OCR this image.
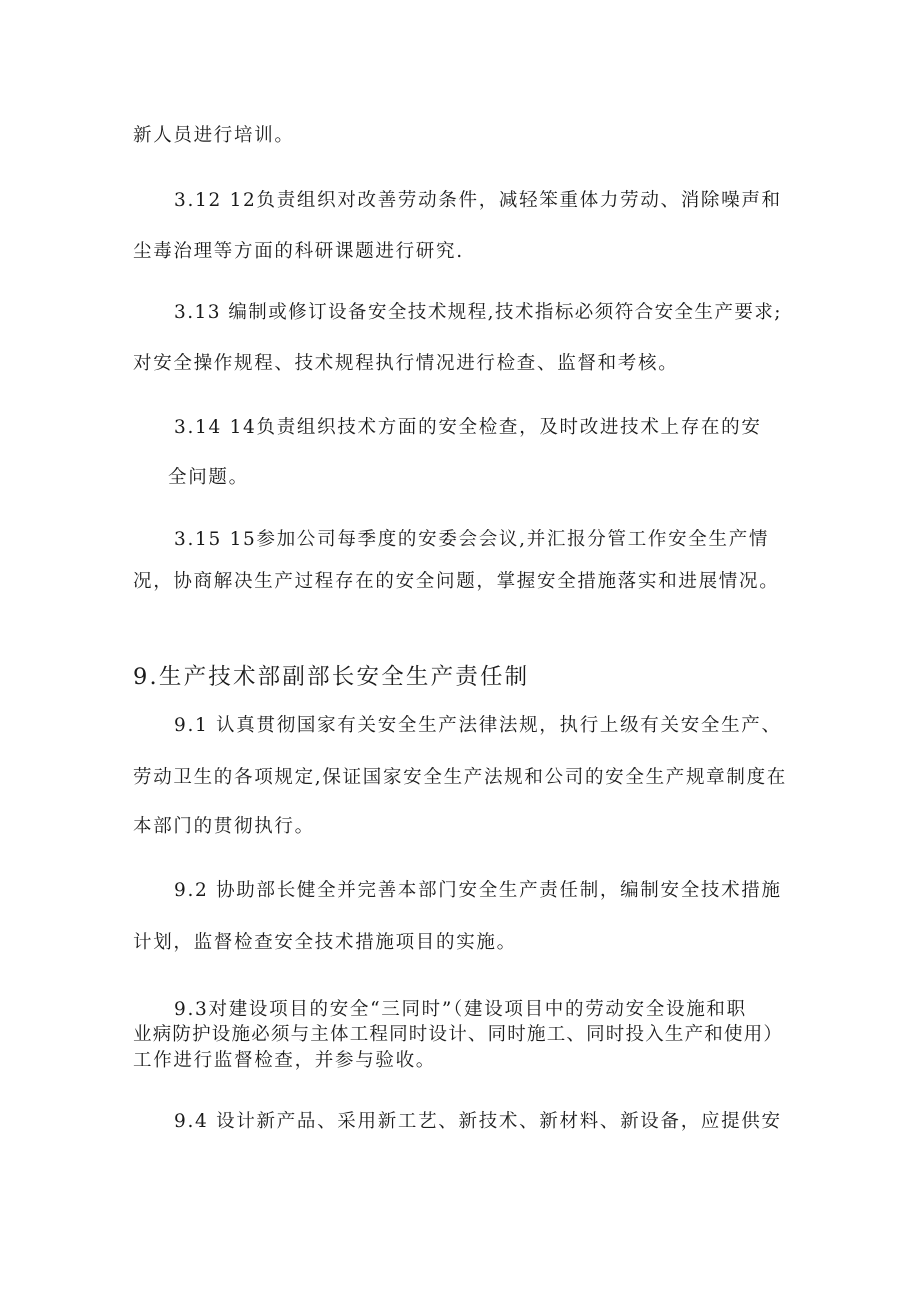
新人员进行培训。
3.12 12负责组织对改善劳动条件，减轻笨重体力劳动、消除噪声和
尘毒治理等方面的科研课题进行研究.
3.13 编制或修订设备安全技术规程,技术指标必须符合安全生产要求;
对安全操作规程、技术规程执行情况进行检查、监督和考核。
3.14 14负责组织技术方面的安全检查，及时改进技术上存在的安
全问题。
3.15 15参加公司每季度的安委会会议,并汇报分管工作安全生产情
况，协商解决生产过程存在的安全问题，掌握安全措施落实和进展情况。
9.生产技术部副部长安全生产责任制
9.1 认真贯彻国家有关安全生产法律法规，执行上级有关安全生产、
劳动卫生的各项规定,保证国家安全生产法规和公司的安全生产规章制度在
本部门的贯彻执行。
9.2 协助部长健全并完善本部门安全生产责任制，编制安全技术措施
计划，监督检查安全技术措施项目的实施。
9.3对建设项目的安全“三同时”（建设项目中的劳动安全设施和职
业病防护设施必须与主体工程同时设计、同时施工、同时投入生产和使用）
工作进行监督检查，并参与验收。
9.4 设计新产品、采用新工艺、新技术、新材料、新设备，应提供安
